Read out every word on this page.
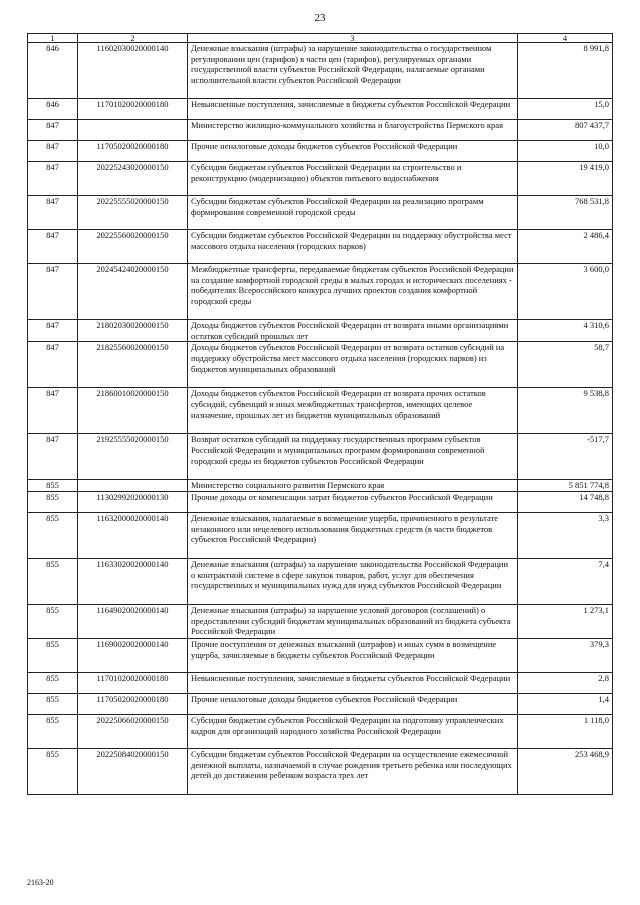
23
1	2	3	4
846	11602030020000140	Денежные взыскания (штрафы) за нарушение законодательства о государственном регулировании цен (тарифов) в части цен (тарифов), регулируемых органами государственной власти субъектов Российской Федерации, налагаемые органами исполнительной власти субъектов Российской Федерации	8 991,8
846	11701020020000180	Невыясненные поступления, зачисляемые в бюджеты субъектов Российской Федерации	15,0
847		Министерство жилищно-коммунального хозяйства и благоустройства Пермского края	807 437,7
847	11705020020000180	Прочие неналоговые доходы бюджетов субъектов Российской Федерации	10,0
847	20225243020000150	Субсидии бюджетам субъектов Российской Федерации на строительство и реконструкцию (модернизацию) объектов питьевого водоснабжения	19 419,0
847	20225555020000150	Субсидии бюджетам субъектов Российской Федерации на реализацию программ формирования современной городской среды	768 531,8
847	20225560020000150	Субсидии бюджетам субъектов Российской Федерации на поддержку обустройства мест массового отдыха населения (городских парков)	2 486,4
847	20245424020000150	Межбюджетные трансферты, передаваемые бюджетам субъектов Российской Федерации на создание комфортной городской среды в малых городах и исторических поселениях - победителях Всероссийского конкурса лучших проектов создания комфортной городской среды	3 600,0
847	21802030020000150	Доходы бюджетов субъектов Российской Федерации от возврата иными организациями остатков субсидий прошлых лет	4 310,6
847	21825560020000150	Доходы бюджетов субъектов Российской Федерации от возврата остатков субсидий на поддержку обустройства мест массового отдыха населения (городских парков) из бюджетов муниципальных образований	58,7
847	21860010020000150	Доходы бюджетов субъектов Российской Федерации от возврата прочих остатков субсидий, субвенций и иных межбюджетных трансфертов, имеющих целевое назначение, прошлых лет из бюджетов муниципальных образований	9 538,8
847	21925555020000150	Возврат остатков субсидий на поддержку государственных программ субъектов Российской Федерации и муниципальных программ формирования современной городской среды из бюджетов субъектов Российской Федерации	-517,7
855		Министерство социального развития Пермского края	5 851 774,8
855	11302992020000130	Прочие доходы от компенсации затрат бюджетов субъектов Российской Федерации	14 748,8
855	11632000020000140	Денежные взыскания, налагаемые в возмещение ущерба, причиненного в результате незаконного или нецелевого использования бюджетных средств (в части бюджетов субъектов Российской Федерации)	3,3
855	11633020020000140	Денежные взыскания (штрафы) за нарушение законодательства Российской Федерации о контрактной системе в сфере закупок товаров, работ, услуг для обеспечения государственных и муниципальных нужд для нужд субъектов Российской Федерации	7,4
855	11649020020000140	Денежные взыскания (штрафы) за нарушение условий договоров (соглашений) о предоставлении субсидий бюджетам муниципальных образований из бюджета субъекта Российской Федерации	1 273,1
855	11690020020000140	Прочие поступления от денежных взысканий (штрафов) и иных сумм в возмещение ущерба, зачисляемые в бюджеты субъектов Российской Федерации	379,3
855	11701020020000180	Невыясненные поступления, зачисляемые в бюджеты субъектов Российской Федерации	2,8
855	11705020020000180	Прочие неналоговые доходы бюджетов субъектов Российской Федерации	1,4
855	20225066020000150	Субсидии бюджетам субъектов Российской Федерации на подготовку управленческих кадров для организаций народного хозяйства Российской Федерации	1 118,0
855	20225084020000150	Субсидии бюджетам субъектов Российской Федерации на осуществление ежемесячной денежной выплаты, назначаемой в случае рождения третьего ребенка или последующих детей до достижения ребенком возраста трех лет	253 468,9
2163-20
